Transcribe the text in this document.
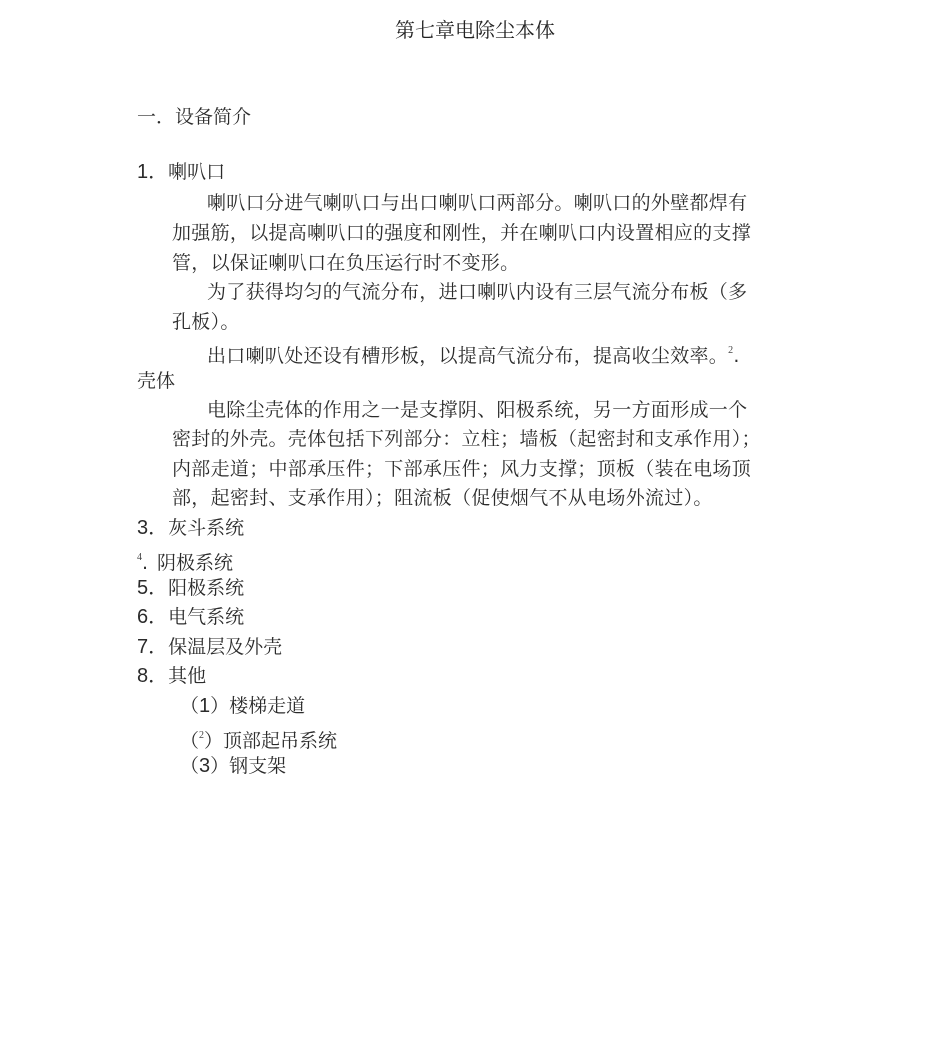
第七章电除尘本体
一．设备简介
1．喇叭口
喇叭口分进气喇叭口与出口喇叭口两部分。喇叭口的外壁都焊有
加强筋，以提高喇叭口的强度和刚性，并在喇叭口内设置相应的支撑
管，以保证喇叭口在负压运行时不变形。
为了获得均匀的气流分布，进口喇叭内设有三层气流分布板（多
孔板）。
出口喇叭处还设有槽形板，以提高气流分布，提高收尘效率。$^2$.
壳体
电除尘壳体的作用之一是支撑阴、阳极系统，另一方面形成一个
密封的外壳。壳体包括下列部分：立柱；墙板（起密封和支承作用）；
内部走道；中部承压件；下部承压件；风力支撑；顶板（装在电场顶
部，起密封、支承作用）；阻流板（促使烟气不从电场外流过）。
3．灰斗系统
$^4$. 阴极系统
5．阳极系统
6．电气系统
7．保温层及外壳
8．其他
（1）楼梯走道
（$^2$）顶部起吊系统
（3）钢支架
